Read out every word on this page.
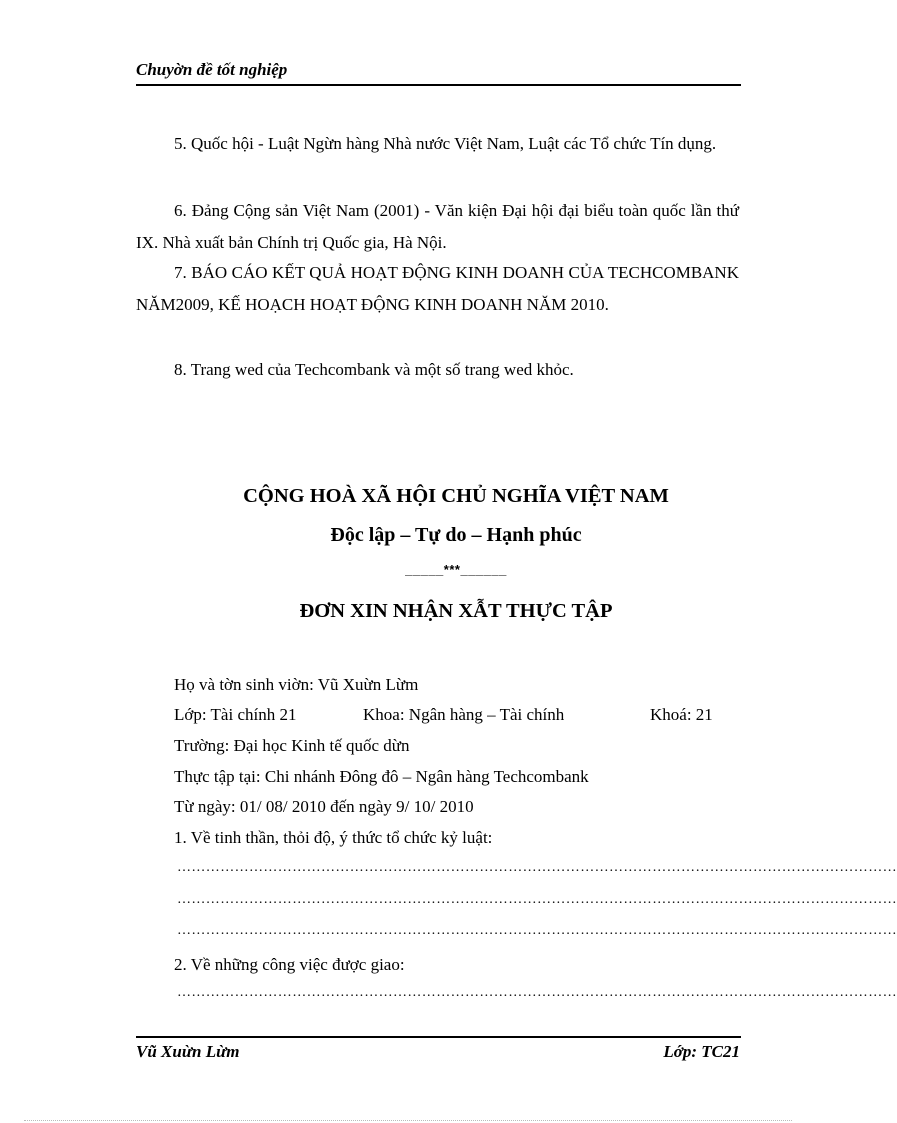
Chuyờn đề tốt nghiệp
5. Quốc hội - Luật Ngừn hàng Nhà nước Việt Nam, Luật các Tổ chức Tín dụng.
6. Đảng Cộng sản Việt Nam (2001) - Văn kiện Đại hội đại biểu toàn quốc lần thứ IX. Nhà xuất bản Chính trị Quốc gia, Hà Nội.
7. BÁO CÁO KẾT QUẢ HOẠT ĐỘNG KINH DOANH CỦA TECHCOMBANK NĂM2009, KẾ HOẠCH HOẠT ĐỘNG KINH DOANH NĂM 2010.
8. Trang wed của Techcombank và một số trang wed khỏc.
CỘNG HOÀ XÃ HỘI CHỦ NGHĨA VIỆT NAM
Độc lập – Tự do – Hạnh phúc
_____***______
ĐƠN XIN NHẬN XẪT THỰC TẬP
Họ và tờn sinh viờn: Vũ Xuừn Lừm
Lớp: Tài chính 21	Khoa: Ngân hàng – Tài chính	Khoá: 21
Trường: Đại học Kinh tế quốc dừn
Thực tập tại: Chi nhánh Đông đô – Ngân hàng Techcombank
Từ ngày: 01/ 08/ 2010 đến ngày 9/ 10/ 2010
1. Về tinh thần, thỏi độ, ý thức tổ chức kỷ luật:
……………………………………………………………………………………………………………………………………
……………………………………………………………………………………………………………………………………
……………………………………………………………………………………………………………………………………
2. Về những công việc được giao:
……………………………………………………………………………………………………………………………………
Vũ Xuừn Lừm	Lớp: TC21
